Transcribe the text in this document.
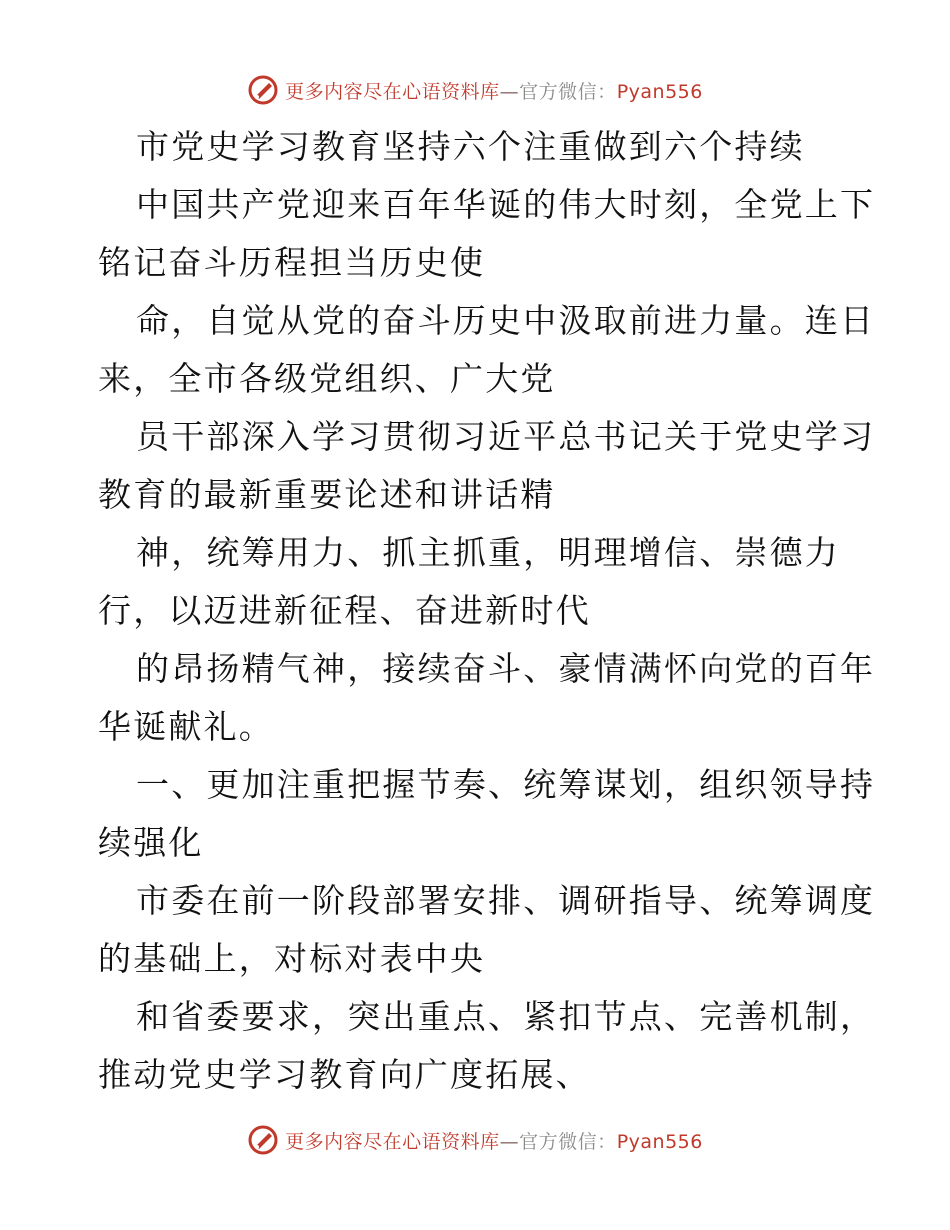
更多内容尽在心语资料库—官方微信：Pyan556
市党史学习教育坚持六个注重做到六个持续
中国共产党迎来百年华诞的伟大时刻，全党上下
铭记奋斗历程担当历史使
命，自觉从党的奋斗历史中汲取前进力量。连日
来，全市各级党组织、广大党
员干部深入学习贯彻习近平总书记关于党史学习
教育的最新重要论述和讲话精
神，统筹用力、抓主抓重，明理增信、崇德力
行，以迈进新征程、奋进新时代
的昂扬精气神，接续奋斗、豪情满怀向党的百年
华诞献礼。
一、更加注重把握节奏、统筹谋划，组织领导持
续强化
市委在前一阶段部署安排、调研指导、统筹调度
的基础上，对标对表中央
和省委要求，突出重点、紧扣节点、完善机制，
推动党史学习教育向广度拓展、
更多内容尽在心语资料库—官方微信：Pyan556
